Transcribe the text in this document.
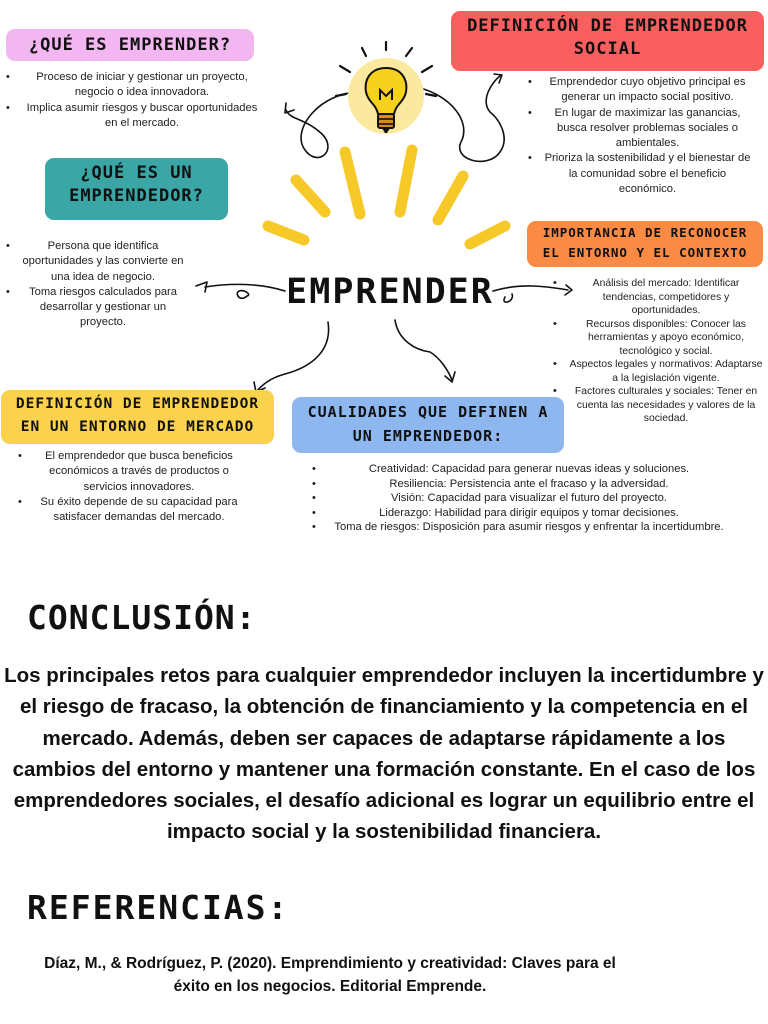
EMPRENDER
¿QUÉ ES EMPRENDER?
• Proceso de iniciar y gestionar un proyecto, negocio o idea innovadora.
• Implica asumir riesgos y buscar oportunidades en el mercado.
¿QUÉ ES UN
EMPRENDEDOR?
• Persona que identifica oportunidades y las convierte en una idea de negocio.
• Toma riesgos calculados para desarrollar y gestionar un proyecto.
DEFINICIÓN DE EMPRENDEDOR
SOCIAL
• Emprendedor cuyo objetivo principal es generar un impacto social positivo.
• En lugar de maximizar las ganancias, busca resolver problemas sociales o ambientales.
• Prioriza la sostenibilidad y el bienestar de la comunidad sobre el beneficio económico.
IMPORTANCIA DE RECONOCER
EL ENTORNO Y EL CONTEXTO
• Análisis del mercado: Identificar tendencias, competidores y oportunidades.
• Recursos disponibles: Conocer las herramientas y apoyo económico, tecnológico y social.
• Aspectos legales y normativos: Adaptarse a la legislación vigente.
• Factores culturales y sociales: Tener en cuenta las necesidades y valores de la sociedad.
DEFINICIÓN DE EMPRENDEDOR
EN UN ENTORNO DE MERCADO
• El emprendedor que busca beneficios económicos a través de productos o servicios innovadores.
• Su éxito depende de su capacidad para satisfacer demandas del mercado.
CUALIDADES QUE DEFINEN A
UN EMPRENDEDOR:
• Creatividad: Capacidad para generar nuevas ideas y soluciones.
• Resiliencia: Persistencia ante el fracaso y la adversidad.
• Visión: Capacidad para visualizar el futuro del proyecto.
• Liderazgo: Habilidad para dirigir equipos y tomar decisiones.
• Toma de riesgos: Disposición para asumir riesgos y enfrentar la incertidumbre.
CONCLUSIÓN:
Los principales retos para cualquier emprendedor incluyen la incertidumbre y el riesgo de fracaso, la obtención de financiamiento y la competencia en el mercado. Además, deben ser capaces de adaptarse rápidamente a los cambios del entorno y mantener una formación constante. En el caso de los emprendedores sociales, el desafío adicional es lograr un equilibrio entre el impacto social y la sostenibilidad financiera.
REFERENCIAS:
Díaz, M., & Rodríguez, P. (2020). Emprendimiento y creatividad: Claves para el éxito en los negocios. Editorial Emprende.
